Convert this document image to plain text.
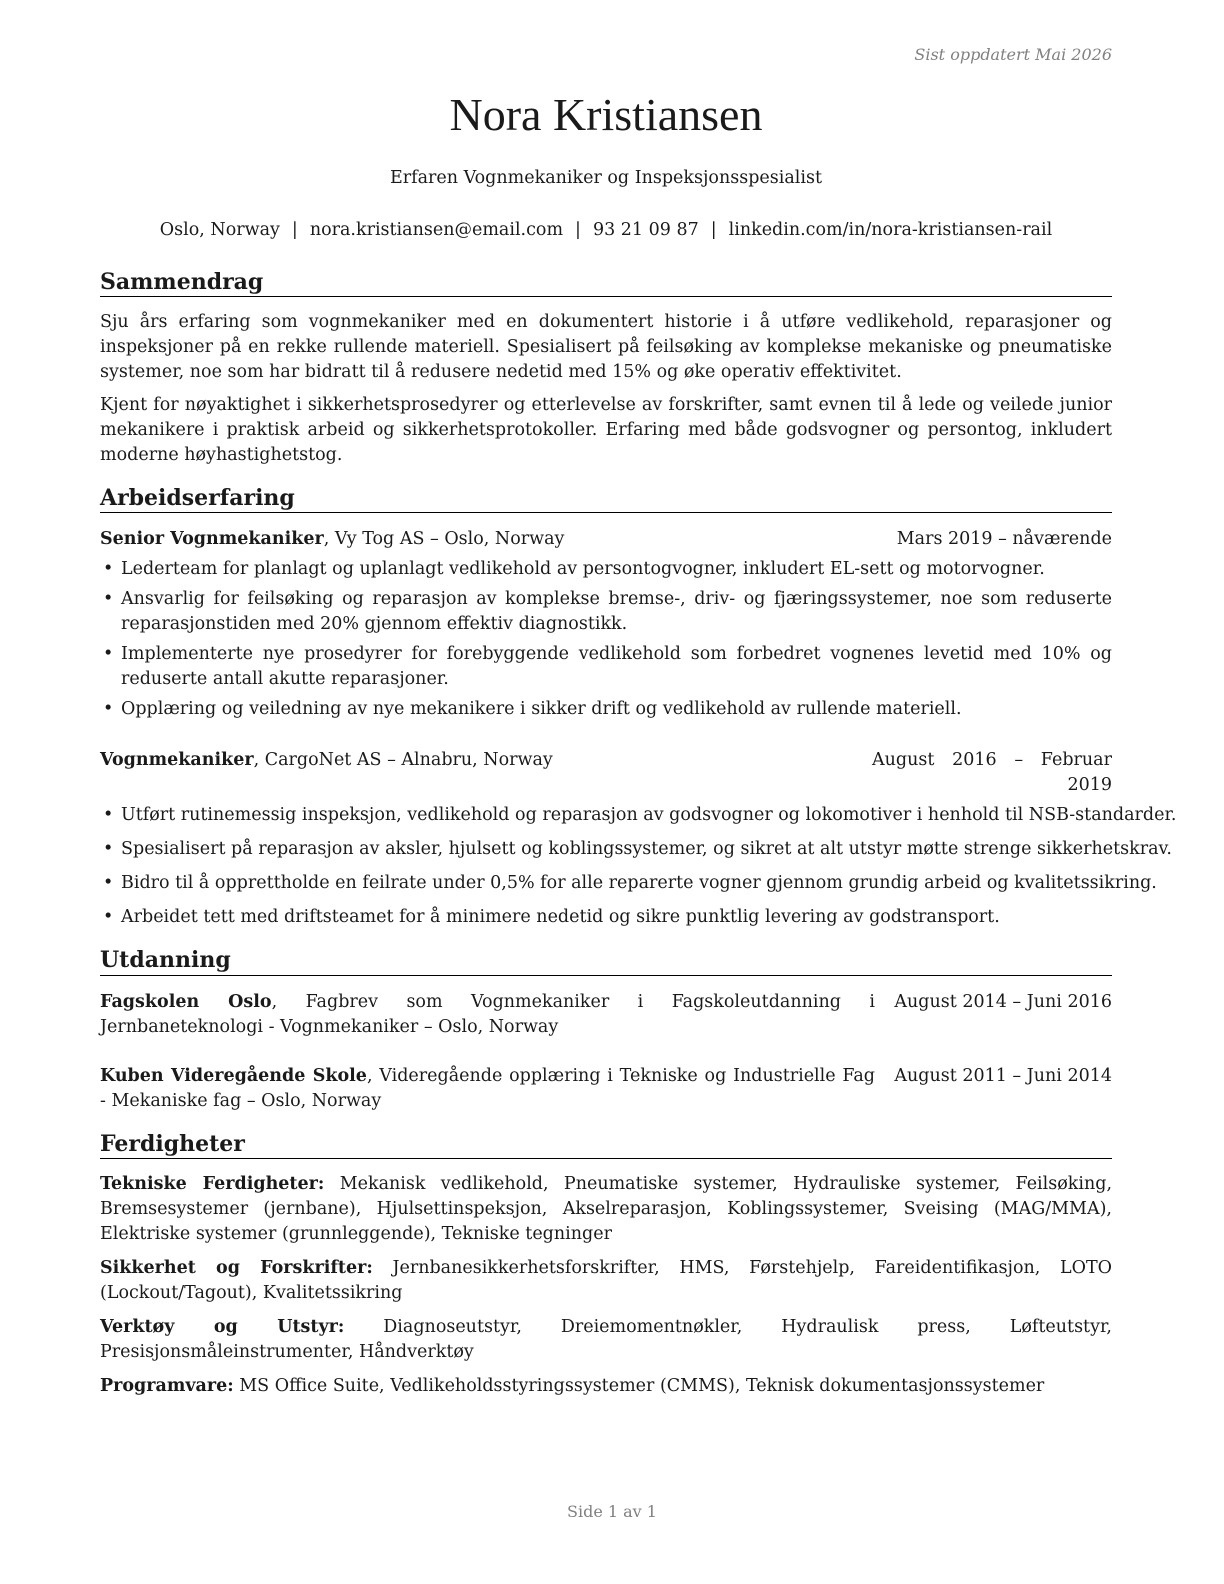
Sist oppdatert Mai 2026
Nora Kristiansen
Erfaren Vognmekaniker og Inspeksjonsspesialist
Oslo, Norway | nora.kristiansen@email.com | 93 21 09 87 | linkedin.com/in/nora-kristiansen-rail
Sammendrag

Sju års erfaring som vognmekaniker med en dokumentert historie i å utføre vedlikehold, reparasjoner og inspeksjoner på en rekke rullende materiell. Spesialisert på feilsøking av komplekse mekaniske og pneumatiske systemer, noe som har bidratt til å redusere nedetid med 15% og øke operativ effektivitet.

Kjent for nøyaktighet i sikkerhetsprosedyrer og etterlevelse av forskrifter, samt evnen til å lede og veilede junior mekanikere i praktisk arbeid og sikkerhetsprotokoller. Erfaring med både godsvogner og persontog, inkludert moderne høyhastighetstog.

Arbeidserfaring
Senior Vognmekaniker, Vy Tog AS – Oslo, Norway	Mars 2019 – nåværende
• Lederteam for planlagt og uplanlagt vedlikehold av persontogvogner, inkludert EL-sett og motorvogner.
• Ansvarlig for feilsøking og reparasjon av komplekse bremse-, driv- og fjæringssystemer, noe som reduserte reparasjonstiden med 20% gjennom effektiv diagnostikk.
• Implementerte nye prosedyrer for forebyggende vedlikehold som forbedret vognenes levetid med 10% og reduserte antall akutte reparasjoner.
• Opplæring og veiledning av nye mekanikere i sikker drift og vedlikehold av rullende materiell.
Vognmekaniker, CargoNet AS – Alnabru, Norway	August 2016 – Februar 2019
• Utført rutinemessig inspeksjon, vedlikehold og reparasjon av godsvogner og lokomotiver i henhold til NSB-standarder.
• Spesialisert på reparasjon av aksler, hjulsett og koblingssystemer, og sikret at alt utstyr møtte strenge sikkerhetskrav.
• Bidro til å opprettholde en feilrate under 0,5% for alle reparerte vogner gjennom grundig arbeid og kvalitetssikring.
• Arbeidet tett med driftsteamet for å minimere nedetid og sikre punktlig levering av godstransport.
Utdanning
Fagskolen Oslo, Fagbrev som Vognmekaniker i Fagskoleutdanning i Jernbaneteknologi - Vognmekaniker – Oslo, Norway
August 2014 – Juni 2016
Kuben Videregående Skole, Videregående opplæring i Tekniske og Industrielle Fag - Mekaniske fag – Oslo, Norway
August 2011 – Juni 2014
Ferdigheter
Tekniske Ferdigheter: Mekanisk vedlikehold, Pneumatiske systemer, Hydrauliske systemer, Feilsøking, Bremsesystemer (jernbane), Hjulsettinspeksjon, Akselreparasjon, Koblingssystemer, Sveising (MAG/MMA), Elektriske systemer (grunnleggende), Tekniske tegninger
Sikkerhet og Forskrifter: Jernbanesikkerhetsforskrifter, HMS, Førstehjelp, Fareidentifikasjon, LOTO (Lockout/Tagout), Kvalitetssikring
Verktøy og Utstyr: Diagnoseutstyr, Dreiemomentnøkler, Hydraulisk press, Løfteutstyr, Presisjonsmåleinstrumenter, Håndverktøy
Programvare: MS Office Suite, Vedlikeholdsstyringssystemer (CMMS), Teknisk dokumentasjonssystemer
Side 1 av 1
